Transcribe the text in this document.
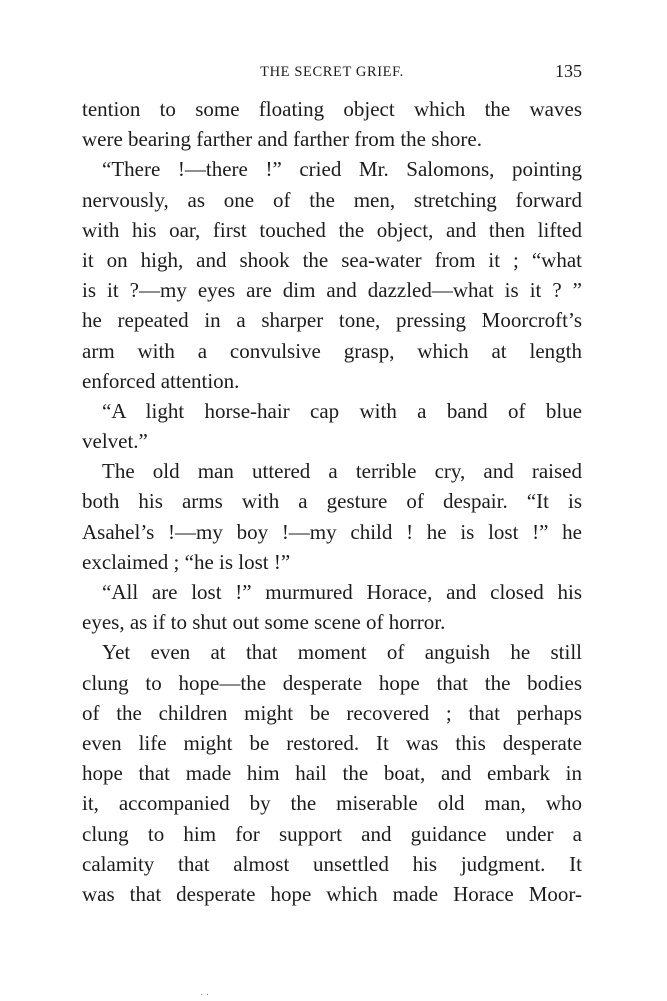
THE SECRET GRIEF.	135
tention to some floating object which the waves
were bearing farther and farther from the shore.
“There !—there !” cried Mr. Salomons, pointing
nervously, as one of the men, stretching forward
with his oar, first touched the object, and then lifted
it on high, and shook the sea-water from it ; “what
is it ?—my eyes are dim and dazzled—what is it ? ”
he repeated in a sharper tone, pressing Moorcroft’s
arm with a convulsive grasp, which at length
enforced attention.
“A light horse-hair cap with a band of blue
velvet.”
The old man uttered a terrible cry, and raised
both his arms with a gesture of despair. “It is
Asahel’s !—my boy !—my child ! he is lost !” he
exclaimed ; “he is lost !”
“All are lost !” murmured Horace, and closed his
eyes, as if to shut out some scene of horror.
Yet even at that moment of anguish he still
clung to hope—the desperate hope that the bodies
of the children might be recovered ; that perhaps
even life might be restored. It was this desperate
hope that made him hail the boat, and embark in
it, accompanied by the miserable old man, who
clung to him for support and guidance under a
calamity that almost unsettled his judgment. It
was that desperate hope which made Horace Moor-
· ·
